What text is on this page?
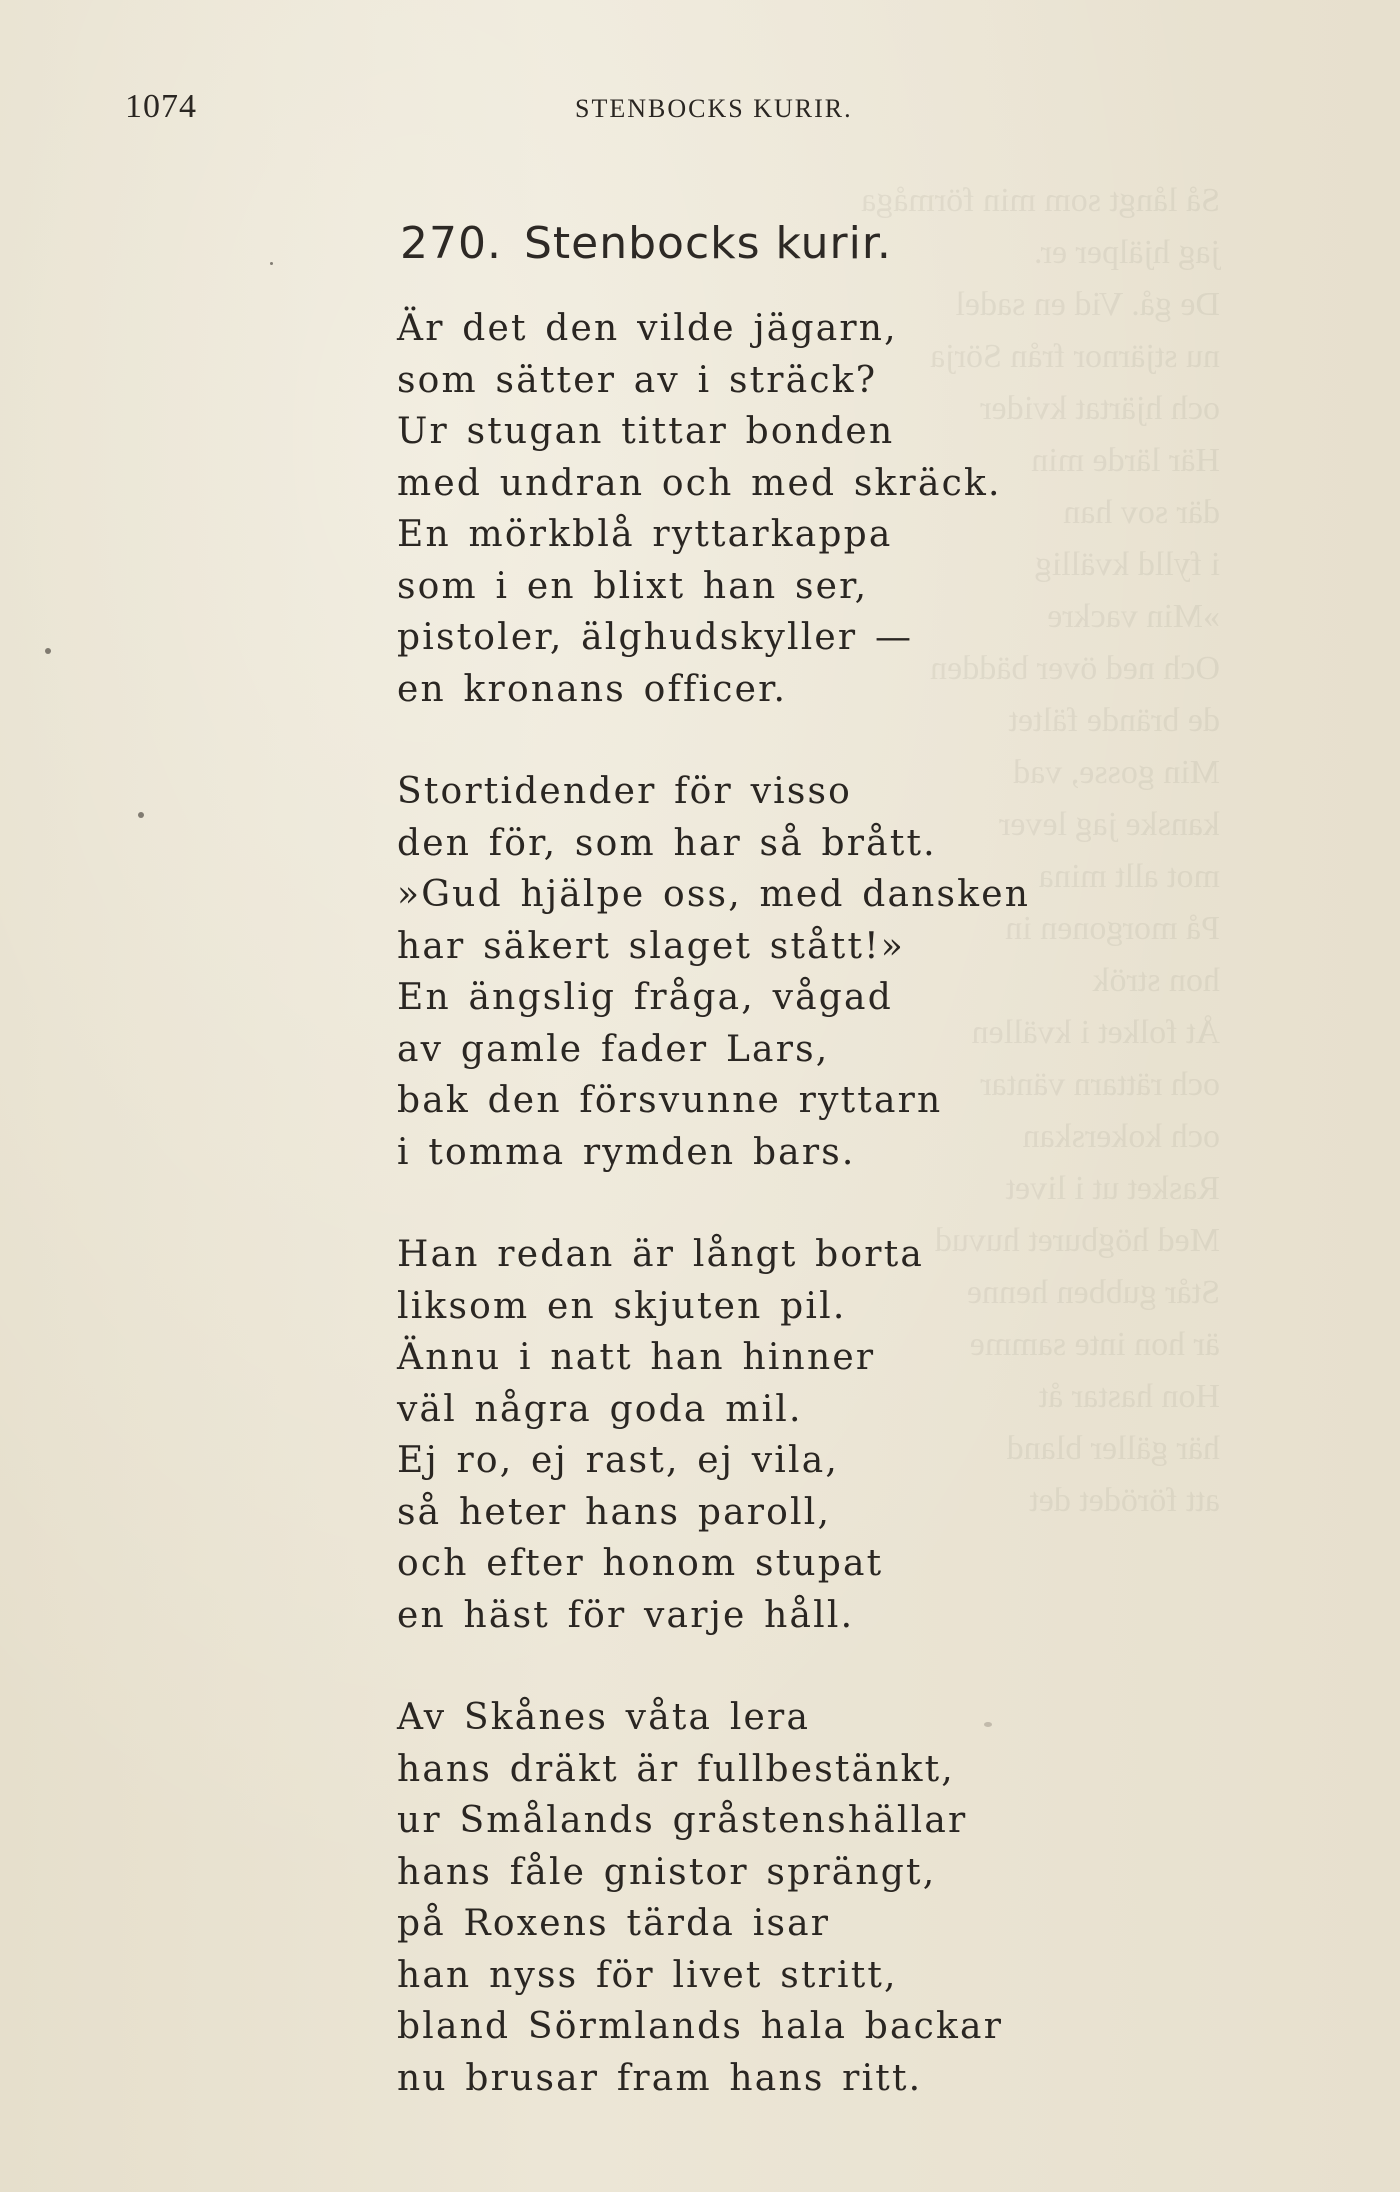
Så långt som min förmåga
jag hjälper er.
De gå. Vid en sadel
nu stjärnor från Sörja
och hjärtat kvider
Här lärde min
där sov han
i fylld kvällig
»Min vackre
Och ned över bädden
de brände fältet
Min gosse, vad
kanske jag lever
mot allt mina
På morgonen in
hon strök
Åt folket i kvällen
och rättarn väntar
och kokerskan
Rasket ut i livet
Med högburet huvud
Står gubben henne
är hon inte samme
Hon hastar åt
här gäller bland
att förödet det
1074	STENBOCKS KURIR.
270. Stenbocks kurir.
Är det den vilde jägarn,
som sätter av i sträck?
Ur stugan tittar bonden
med undran och med skräck.
En mörkblå ryttarkappa
som i en blixt han ser,
pistoler, älghudskyller —
en kronans officer.
Stortidender för visso
den för, som har så brått.
»Gud hjälpe oss, med dansken
har säkert slaget stått!»
En ängslig fråga, vågad
av gamle fader Lars,
bak den försvunne ryttarn
i tomma rymden bars.
Han redan är långt borta
liksom en skjuten pil.
Ännu i natt han hinner
väl några goda mil.
Ej ro, ej rast, ej vila,
så heter hans paroll,
och efter honom stupat
en häst för varje håll.
Av Skånes våta lera
hans dräkt är fullbestänkt,
ur Smålands gråstenshällar
hans fåle gnistor sprängt,
på Roxens tärda isar
han nyss för livet stritt,
bland Sörmlands hala backar
nu brusar fram hans ritt.
